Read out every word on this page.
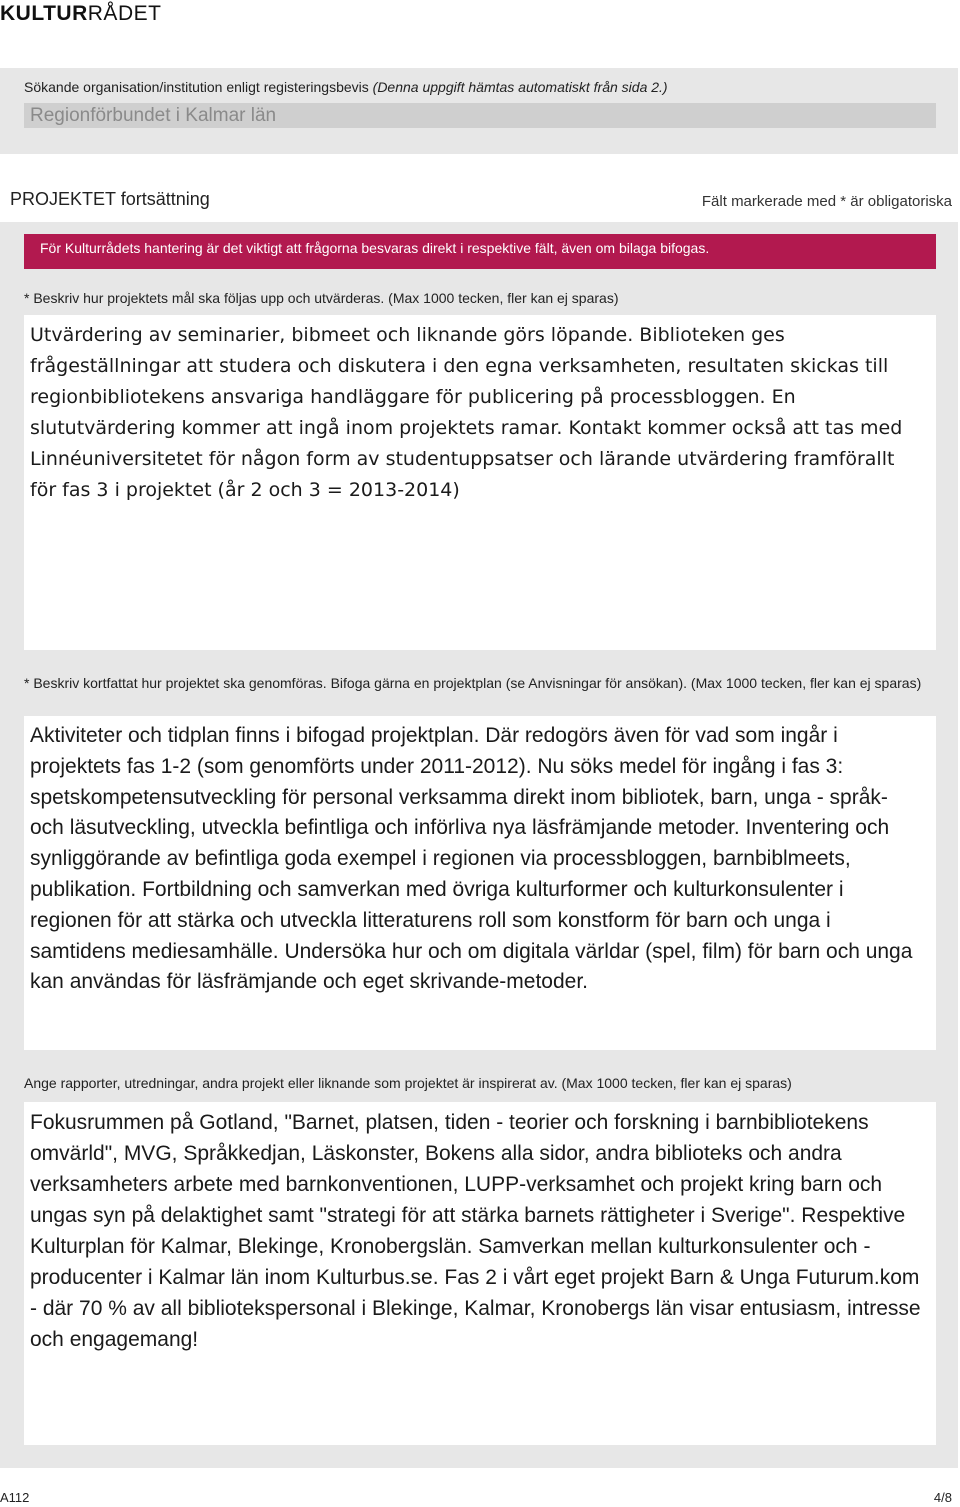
KULTURRÅDET
Sökande organisation/institution enligt registeringsbevis (Denna uppgift hämtas automatiskt från sida 2.)
Regionförbundet i Kalmar län
PROJEKTET fortsättning	Fält markerade med * är obligatoriska
För Kulturrådets hantering är det viktigt att frågorna besvaras direkt i respektive fält, även om bilaga bifogas.
* Beskriv hur projektets mål ska följas upp och utvärderas. (Max 1000 tecken, fler kan ej sparas)
Utvärdering av seminarier, bibmeet och liknande görs löpande. Biblioteken ges frågeställningar att studera och diskutera i den egna verksamheten, resultaten skickas till regionbibliotekens ansvariga handläggare för publicering på processbloggen. En slututvärdering kommer att ingå inom projektets ramar. Kontakt kommer också att tas med Linnéuniversitetet för någon form av studentuppsatser och lärande utvärdering framförallt för fas 3 i projektet (år 2 och 3 = 2013-2014)
* Beskriv kortfattat hur projektet ska genomföras. Bifoga gärna en projektplan (se Anvisningar för ansökan). (Max 1000 tecken, fler kan ej sparas)
Aktiviteter och tidplan finns i bifogad projektplan. Där redogörs även för vad som ingår i projektets fas 1-2 (som genomförts under 2011-2012). Nu söks medel för ingång i fas 3: spetskompetensutveckling för personal verksamma direkt inom bibliotek, barn, unga - språk- och läsutveckling, utveckla befintliga och införliva nya läsfrämjande metoder. Inventering och synliggörande av befintliga goda exempel i regionen via processbloggen, barnbiblmeets, publikation. Fortbildning och samverkan med övriga kulturformer och kulturkonsulenter i regionen för att stärka och utveckla litteraturens roll som konstform för barn och unga i samtidens mediesamhälle. Undersöka hur och om digitala världar (spel, film) för barn och unga kan användas för läsfrämjande och eget skrivande-metoder.
Ange rapporter, utredningar, andra projekt eller liknande som projektet är inspirerat av. (Max 1000 tecken, fler kan ej sparas)
Fokusrummen på Gotland, "Barnet, platsen, tiden - teorier och forskning i barnbibliotekens omvärld", MVG, Språkkedjan, Läskonster, Bokens alla sidor, andra biblioteks och andra verksamheters arbete med barnkonventionen, LUPP-verksamhet och projekt kring barn och ungas syn på delaktighet samt "strategi för att stärka barnets rättigheter i Sverige". Respektive Kulturplan för Kalmar, Blekinge, Kronobergslän. Samverkan mellan kulturkonsulenter och -producenter i Kalmar län inom Kulturbus.se. Fas 2 i vårt eget projekt Barn & Unga Futurum.kom - där 70 % av all bibliotekspersonal i Blekinge, Kalmar, Kronobergs län visar entusiasm, intresse och engagemang!
A112	4/8
